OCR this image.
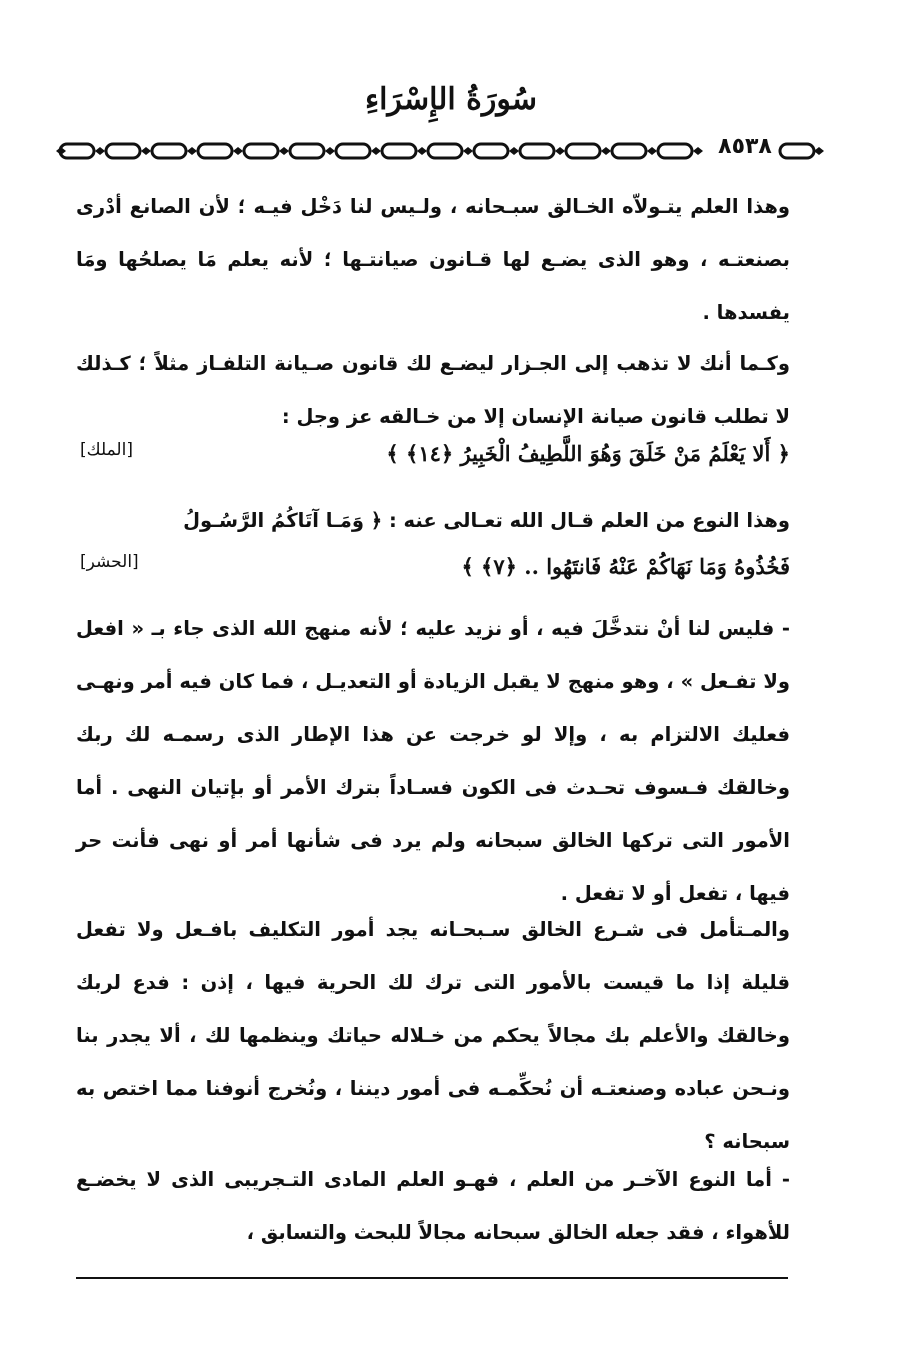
سُورَةُ الإِسْرَاءِ
٨٥٣٨

وهذا العلم يتـولاّه الخـالق سبـحانه ، ولـيس لنا دَخْل فيـه ؛ لأن الصانع أدْرى بصنعتـه ، وهو الذى يضـع لها قـانون صيانتـها ؛ لأنه يعلم مَا يصلحُها ومَا يفسدها .

وكـما أنك لا تذهب إلى الجـزار ليضـع لك قانون صـيانة التلفـاز مثلاً ؛ كـذلك لا تطلب قانون صيانة الإنسان إلا من خـالقه عز وجل :

﴿ أَلا يَعْلَمُ مَنْ خَلَقَ وَهُوَ اللَّطِيفُ الْخَبِيرُ ﴿١٤﴾ ﴾
[الملك]

وهذا النوع من العلم قـال الله تعـالى عنه : ﴿ وَمَـا آتَاكُمُ الرَّسُـولُ

فَخُذُوهُ وَمَا نَهَاكُمْ عَنْهُ فَانتَهُوا .. ﴿٧﴾ ﴾
[الحشر]

- فليس لنا أنْ نتدخَّلَ فيه ، أو نزيد عليه ؛ لأنه منهج الله الذى جاء بـ « افعل ولا تفـعل » ، وهو منهج لا يقبل الزيادة أو التعديـل ، فما كان فيه أمر ونهـى فعليك الالتزام به ، وإلا لو خرجت عن هذا الإطار الذى رسمـه لك ربك وخالقك فـسوف تحـدث فى الكون فسـاداً بترك الأمر أو بإتيان النهى . أما الأمور التى تركها الخالق سبحانه ولم يرد فى شأنها أمر أو نهى فأنت حر فيها ، تفعل أو لا تفعل .

والمـتأمل فى شـرع الخالق سـبحـانه يجد أمور التكليف بافـعل ولا تفعل قليلة إذا ما قيست بالأمور التى ترك لك الحرية فيها ، إذن : فدع لربك وخالقك والأعلم بك مجالاً يحكم من خـلاله حياتك وينظمها لك ، ألا يجدر بنا ونـحن عباده وصنعتـه أن نُحكِّمـه فى أمور ديننا ، ونُخرج أنوفنا مما اختص به سبحانه ؟

- أما النوع الآخـر من العلم ، فهـو العلم المادى التـجريبى الذى لا يخضـع للأهواء ، فقد جعله الخالق سبحانه مجالاً للبحث والتسابق ،
